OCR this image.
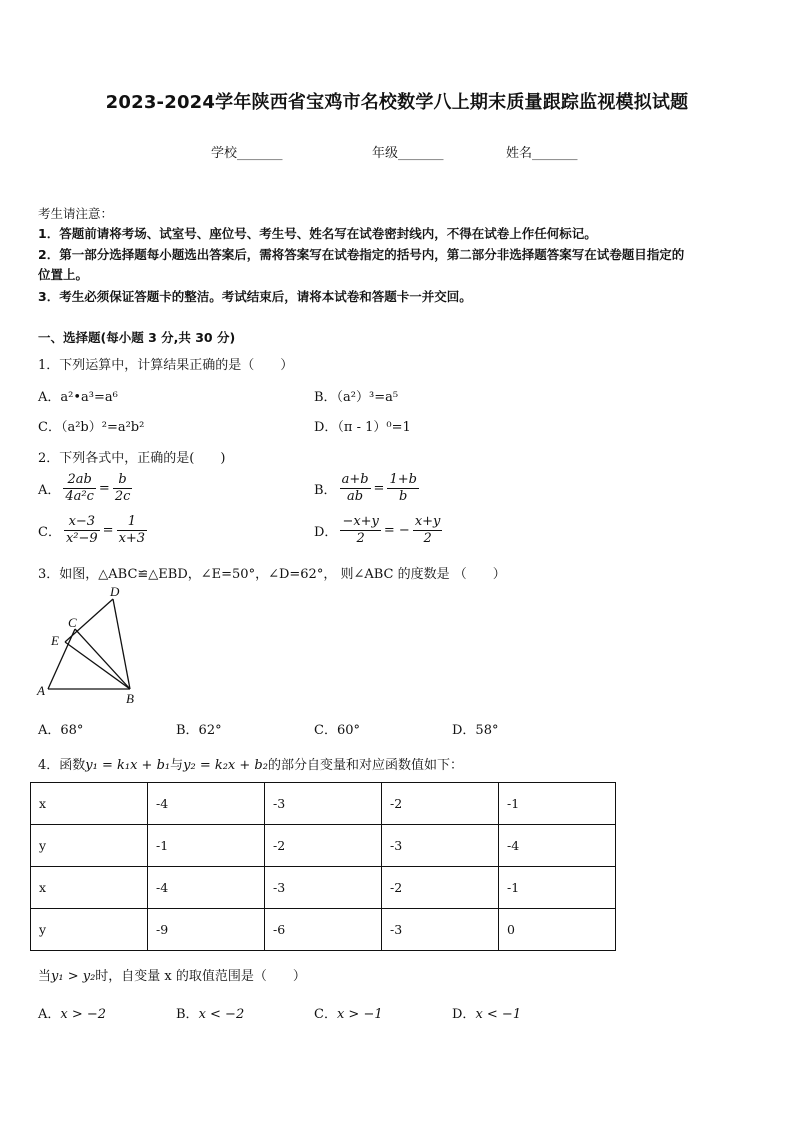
2023-2024学年陕西省宝鸡市名校数学八上期末质量跟踪监视模拟试题
学校_______	年级_______	姓名_______
考生请注意：
1．答题前请将考场、试室号、座位号、考生号、姓名写在试卷密封线内，不得在试卷上作任何标记。
2．第一部分选择题每小题选出答案后，需将答案写在试卷指定的括号内，第二部分非选择题答案写在试卷题目指定的
位置上。
3．考生必须保证答题卡的整洁。考试结束后，请将本试卷和答题卡一并交回。
一、选择题(每小题 3 分,共 30 分)
1．下列运算中，计算结果正确的是（　　）
A．a²•a³=a⁶	B．（a²）³=a⁵
C．（a²b）²=a²b²	D．（π - 1）⁰=1
2．下列各式中，正确的是(　　)
A． $\frac{2ab}{\text{4a²c}} = \frac{b}{2c}$	B． $\frac{a+b}{ab} = \frac{1+b}{b}$
C． $\frac{x-3}{\text{x²−9}} = \frac{1}{x+3}$	D． $\frac{-x+y}{2}$ = − $\frac{x+y}{2}$
3．如图，△ABC≌△EBD，∠E=50°，∠D=62°， 则∠ABC 的度数是 （　　）
A
B
C
D
E
A．68°	B．62°	C．60°	D．58°
4．函数y₁ = k₁x + b₁与y₂ = k₂x + b₂的部分自变量和对应函数值如下：
x	-4	-3	-2	-1
y	-1	-2	-3	-4
x	-4	-3	-2	-1
y	-9	-6	-3	0
当y₁ > y₂时，自变量 x 的取值范围是（　　）
A．x > −2	B．x < −2	C．x > −1	D．x < −1
